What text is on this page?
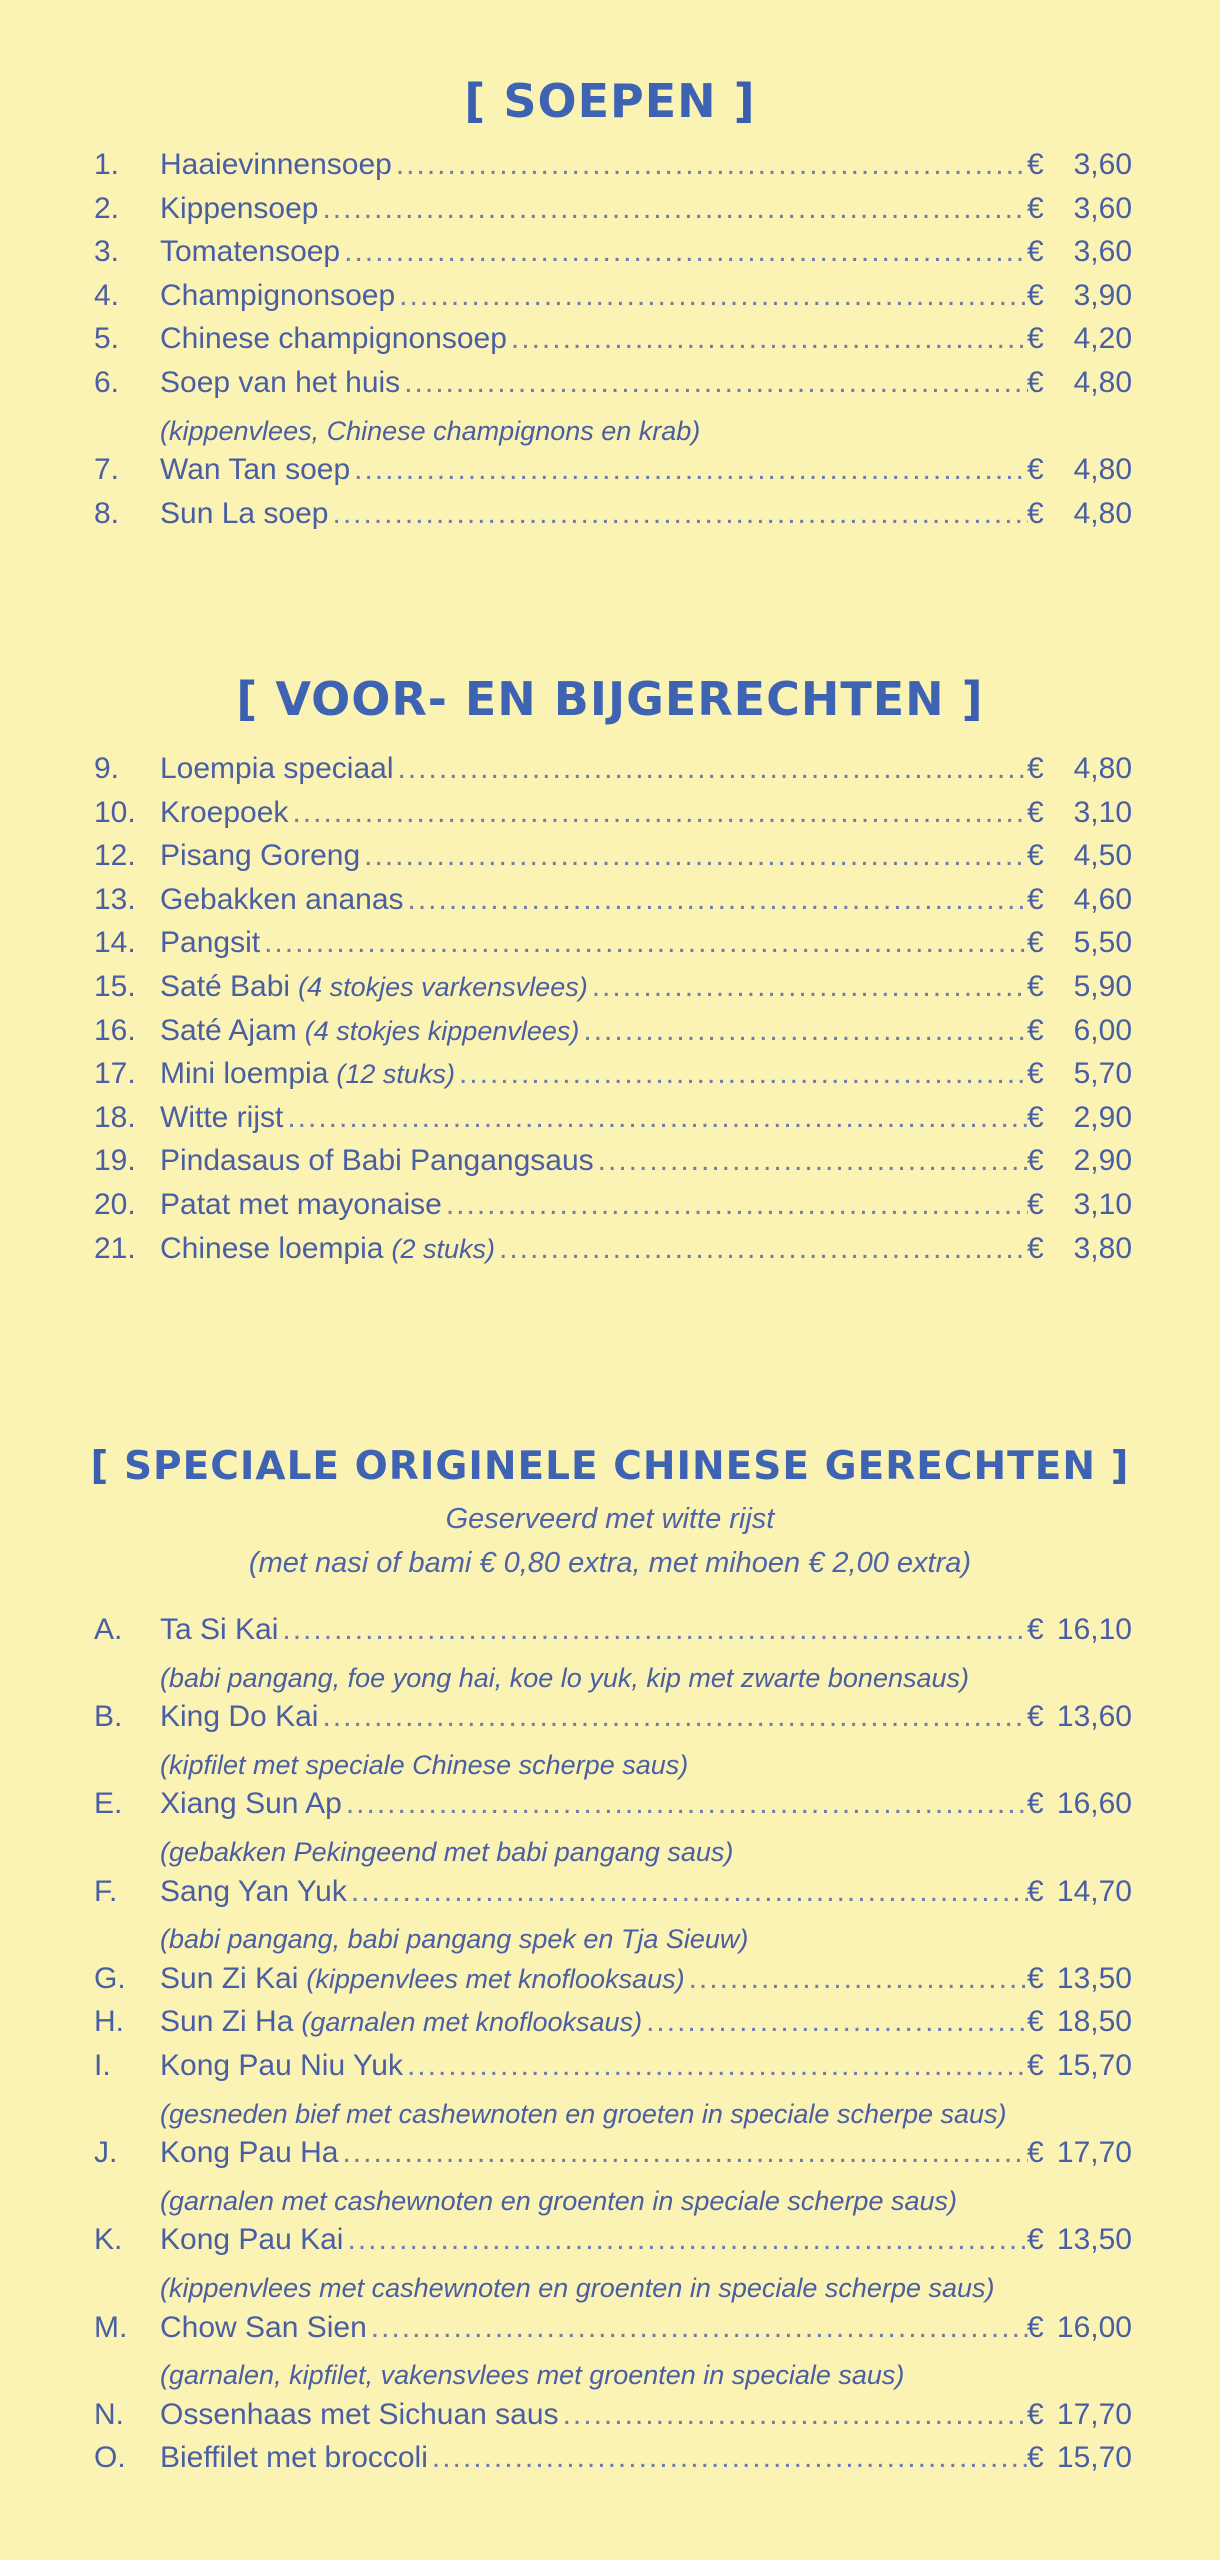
[ SOEPEN ]
1.	Haaievinnensoep .....	€ 3,60
2.	Kippensoep .....	€ 3,60
3.	Tomatensoep .....	€ 3,60
4.	Champignonsoep .....	€ 3,90
5.	Chinese champignonsoep .....	€ 4,20
6.	Soep van het huis .....	€ 4,80
(kippenvlees, Chinese champignons en krab)
7.	Wan Tan soep .....	€ 4,80
8.	Sun La soep .....	€ 4,80
[ VOOR- EN BIJGERECHTEN ]
9.	Loempia speciaal .....	€ 4,80
10. Kroepoek .....	€ 3,10
12. Pisang Goreng .....	€ 4,50
13. Gebakken ananas .....	€ 4,60
14. Pangsit .....	€ 5,50
15. Saté Babi (4 stokjes varkensvlees) .....	€ 5,90
16. Saté Ajam (4 stokjes kippenvlees) .....	€ 6,00
17. Mini loempia (12 stuks) .....	€ 5,70
18. Witte rijst .....	€ 2,90
19. Pindasaus of Babi Pangangsaus .....	€ 2,90
20. Patat met mayonaise .....	€ 3,10
21. Chinese loempia (2 stuks) .....	€ 3,80
[ SPECIALE ORIGINELE CHINESE GERECHTEN ]
Geserveerd met witte rijst
(met nasi of bami € 0,80 extra, met mihoen € 2,00 extra)
A.	Ta Si Kai .....	€ 16,10
(babi pangang, foe yong hai, koe lo yuk, kip met zwarte bonensaus)
B.	King Do Kai .....	€ 13,60
(kipfilet met speciale Chinese scherpe saus)
E.	Xiang Sun Ap .....	€ 16,60
(gebakken Pekingeend met babi pangang saus)
F.	Sang Yan Yuk .....	€ 14,70
(babi pangang, babi pangang spek en Tja Sieuw)
G.	Sun Zi Kai (kippenvlees met knoflooksaus) .....	€ 13,50
H.	Sun Zi Ha (garnalen met knoflooksaus) .....	€ 18,50
I.	Kong Pau Niu Yuk .....	€ 15,70
(gesneden bief met cashewnoten en groeten in speciale scherpe saus)
J.	Kong Pau Ha .....	€ 17,70
(garnalen met cashewnoten en groenten in speciale scherpe saus)
K.	Kong Pau Kai .....	€ 13,50
(kippenvlees met cashewnoten en groenten in speciale scherpe saus)
M.	Chow San Sien .....	€ 16,00
(garnalen, kipfilet, vakensvlees met groenten in speciale saus)
N.	Ossenhaas met Sichuan saus .....	€ 17,70
O.	Bieffilet met broccoli .....	€ 15,70
